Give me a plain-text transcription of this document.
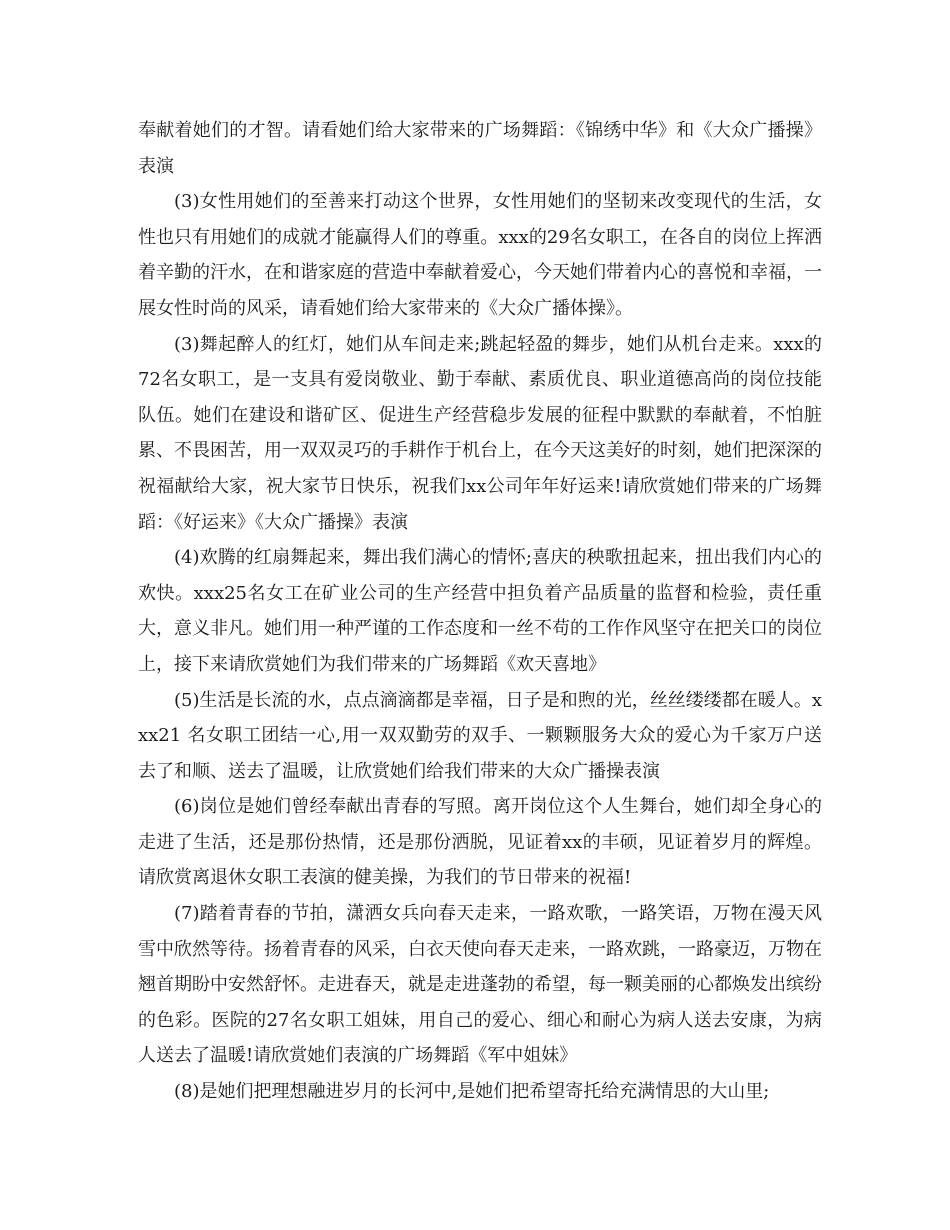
奉献着她们的才智。请看她们给大家带来的广场舞蹈：《锦绣中华》和《大众广播操》表演

(3)女性用她们的至善来打动这个世界，女性用她们的坚韧来改变现代的生活，女性也只有用她们的成就才能赢得人们的尊重。xxx的29名女职工，在各自的岗位上挥洒着辛勤的汗水，在和谐家庭的营造中奉献着爱心，今天她们带着内心的喜悦和幸福，一展女性时尚的风采，请看她们给大家带来的《大众广播体操》。

(3)舞起醉人的红灯，她们从车间走来;跳起轻盈的舞步，她们从机台走来。xxx的72名女职工，是一支具有爱岗敬业、勤于奉献、素质优良、职业道德高尚的岗位技能队伍。她们在建设和谐矿区、促进生产经营稳步发展的征程中默默的奉献着，不怕脏累、不畏困苦，用一双双灵巧的手耕作于机台上，在今天这美好的时刻，她们把深深的祝福献给大家，祝大家节日快乐，祝我们xx公司年年好运来!请欣赏她们带来的广场舞蹈：《好运来》《大众广播操》表演

(4)欢腾的红扇舞起来，舞出我们满心的情怀;喜庆的秧歌扭起来，扭出我们内心的欢快。xxx25名女工在矿业公司的生产经营中担负着产品质量的监督和检验，责任重大，意义非凡。她们用一种严谨的工作态度和一丝不苟的工作作风坚守在把关口的岗位上，接下来请欣赏她们为我们带来的广场舞蹈《欢天喜地》

(5)生活是长流的水，点点滴滴都是幸福，日子是和煦的光，丝丝缕缕都在暖人。xxx21 名女职工团结一心,用一双双勤劳的双手、一颗颗服务大众的爱心为千家万户送去了和顺、送去了温暖，让欣赏她们给我们带来的大众广播操表演

(6)岗位是她们曾经奉献出青春的写照。离开岗位这个人生舞台，她们却全身心的走进了生活，还是那份热情，还是那份洒脱，见证着xx的丰硕，见证着岁月的辉煌。请欣赏离退休女职工表演的健美操，为我们的节日带来的祝福!

(7)踏着青春的节拍，潇洒女兵向春天走来，一路欢歌，一路笑语，万物在漫天风雪中欣然等待。扬着青春的风采，白衣天使向春天走来，一路欢跳，一路豪迈，万物在翘首期盼中安然舒怀。走进春天，就是走进蓬勃的希望，每一颗美丽的心都焕发出缤纷的色彩。医院的27名女职工姐妹，用自己的爱心、细心和耐心为病人送去安康，为病人送去了温暖!请欣赏她们表演的广场舞蹈《军中姐妹》

(8)是她们把理想融进岁月的长河中,是她们把希望寄托给充满情思的大山里;
